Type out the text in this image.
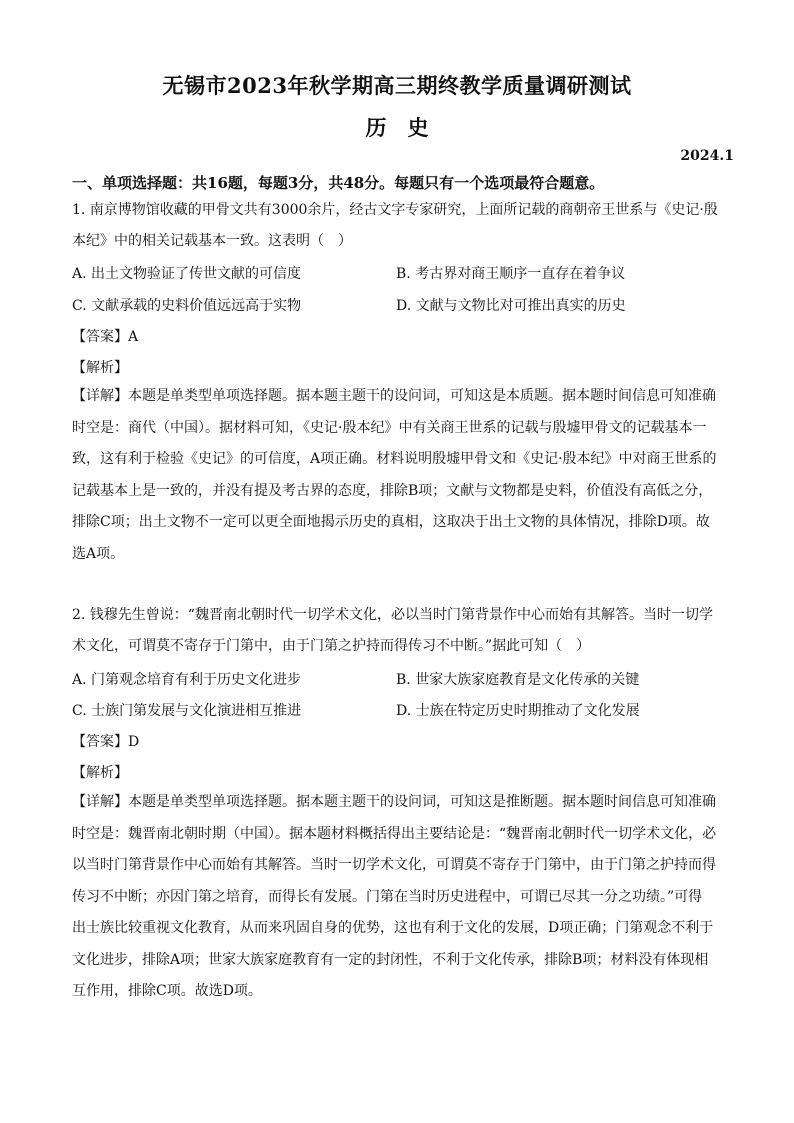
无锡市2023年秋学期高三期终教学质量调研测试
历　史
2024.1
一、单项选择题：共16题，每题3分，共48分。每题只有一个选项最符合题意。
1. 南京博物馆收藏的甲骨文共有3000余片，经古文字专家研究，上面所记载的商朝帝王世系与《史记·殷
本纪》中的相关记载基本一致。这表明（　）
A. 出土文物验证了传世文献的可信度	B. 考古界对商王顺序一直存在着争议
C. 文献承载的史料价值远远高于实物	D. 文献与文物比对可推出真实的历史
【答案】A
【解析】
【详解】本题是单类型单项选择题。据本题主题干的设问词，可知这是本质题。据本题时间信息可知准确
时空是：商代（中国）。据材料可知，《史记·殷本纪》中有关商王世系的记载与殷墟甲骨文的记载基本一
致，这有利于检验《史记》的可信度，A项正确。材料说明殷墟甲骨文和《史记·殷本纪》中对商王世系的
记载基本上是一致的，并没有提及考古界的态度，排除B项；文献与文物都是史料，价值没有高低之分，
排除C项；出土文物不一定可以更全面地揭示历史的真相，这取决于出土文物的具体情况，排除D项。故
选A项。
2. 钱穆先生曾说：“魏晋南北朝时代一切学术文化，必以当时门第背景作中心而始有其解答。当时一切学
术文化，可谓莫不寄存于门第中，由于门第之护持而得传习不中断。”据此可知（　）
A. 门第观念培育有利于历史文化进步	B. 世家大族家庭教育是文化传承的关键
C. 士族门第发展与文化演进相互推进	D. 士族在特定历史时期推动了文化发展
【答案】D
【解析】
【详解】本题是单类型单项选择题。据本题主题干的设问词，可知这是推断题。据本题时间信息可知准确
时空是：魏晋南北朝时期（中国）。据本题材料概括得出主要结论是：“魏晋南北朝时代一切学术文化，必
以当时门第背景作中心而始有其解答。当时一切学术文化，可谓莫不寄存于门第中，由于门第之护持而得
传习不中断；亦因门第之培育，而得长有发展。门第在当时历史进程中，可谓已尽其一分之功绩。”可得
出士族比较重视文化教育，从而来巩固自身的优势，这也有利于文化的发展，D项正确；门第观念不利于
文化进步，排除A项；世家大族家庭教育有一定的封闭性，不利于文化传承，排除B项；材料没有体现相
互作用，排除C项。故选D项。
